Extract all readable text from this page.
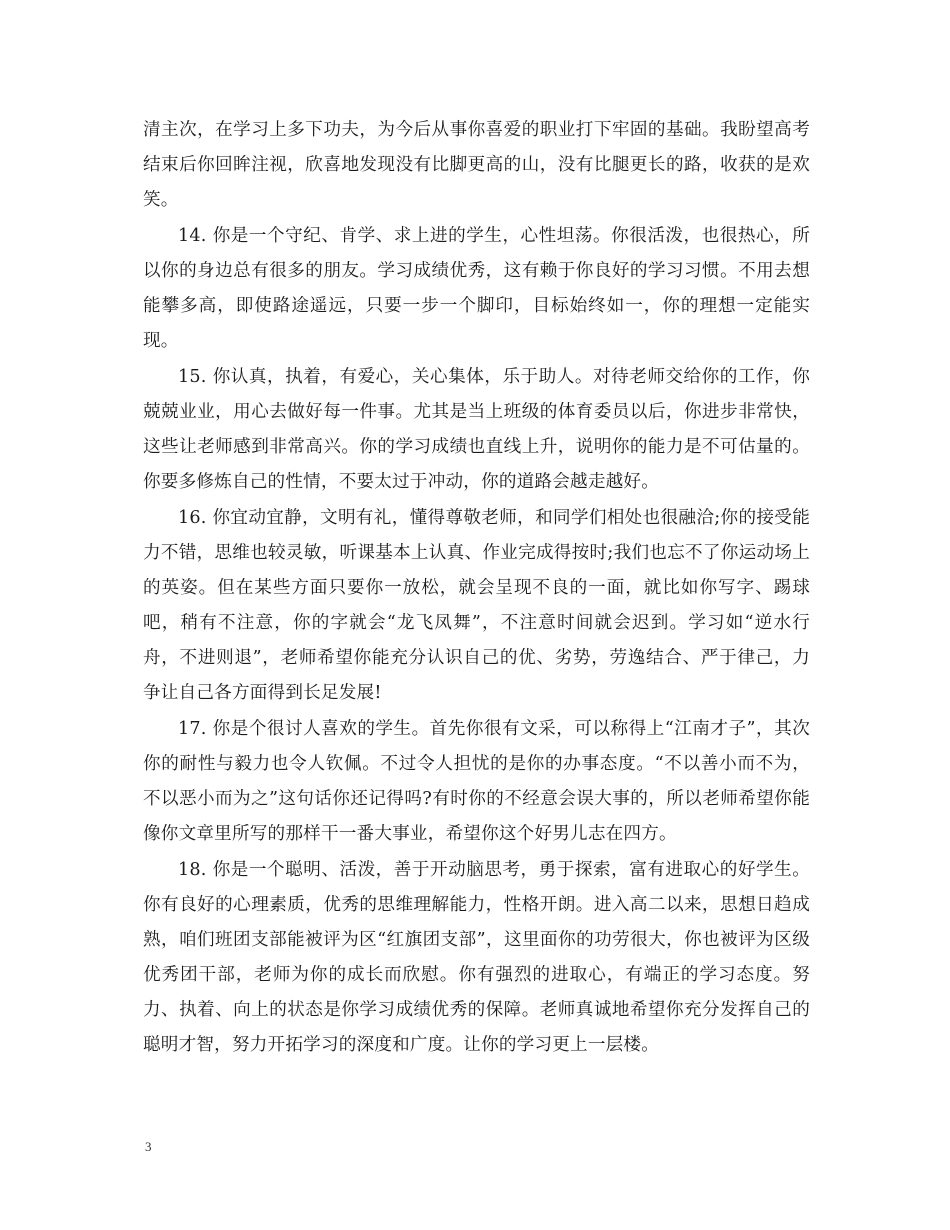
清主次，在学习上多下功夫，为今后从事你喜爱的职业打下牢固的基础。我盼望高考结束后你回眸注视，欣喜地发现没有比脚更高的山，没有比腿更长的路，收获的是欢笑。

14. 你是一个守纪、肯学、求上进的学生，心性坦荡。你很活泼，也很热心，所以你的身边总有很多的朋友。学习成绩优秀，这有赖于你良好的学习习惯。不用去想能攀多高，即使路途遥远，只要一步一个脚印，目标始终如一，你的理想一定能实现。

15. 你认真，执着，有爱心，关心集体，乐于助人。对待老师交给你的工作，你兢兢业业，用心去做好每一件事。尤其是当上班级的体育委员以后，你进步非常快，这些让老师感到非常高兴。你的学习成绩也直线上升，说明你的能力是不可估量的。你要多修炼自己的性情，不要太过于冲动，你的道路会越走越好。

16. 你宜动宜静，文明有礼，懂得尊敬老师，和同学们相处也很融洽;你的接受能力不错，思维也较灵敏，听课基本上认真、作业完成得按时;我们也忘不了你运动场上的英姿。但在某些方面只要你一放松，就会呈现不良的一面，就比如你写字、踢球吧，稍有不注意，你的字就会“龙飞凤舞”，不注意时间就会迟到。学习如“逆水行舟，不进则退”，老师希望你能充分认识自己的优、劣势，劳逸结合、严于律己，力争让自己各方面得到长足发展!

17. 你是个很讨人喜欢的学生。首先你很有文采，可以称得上“江南才子”，其次你的耐性与毅力也令人钦佩。不过令人担忧的是你的办事态度。“不以善小而不为，不以恶小而为之”这句话你还记得吗?有时你的不经意会误大事的，所以老师希望你能像你文章里所写的那样干一番大事业，希望你这个好男儿志在四方。

18. 你是一个聪明、活泼，善于开动脑思考，勇于探索，富有进取心的好学生。你有良好的心理素质，优秀的思维理解能力，性格开朗。进入高二以来，思想日趋成熟，咱们班团支部能被评为区“红旗团支部”，这里面你的功劳很大，你也被评为区级优秀团干部，老师为你的成长而欣慰。你有强烈的进取心，有端正的学习态度。努力、执着、向上的状态是你学习成绩优秀的保障。老师真诚地希望你充分发挥自己的聪明才智，努力开拓学习的深度和广度。让你的学习更上一层楼。

3
